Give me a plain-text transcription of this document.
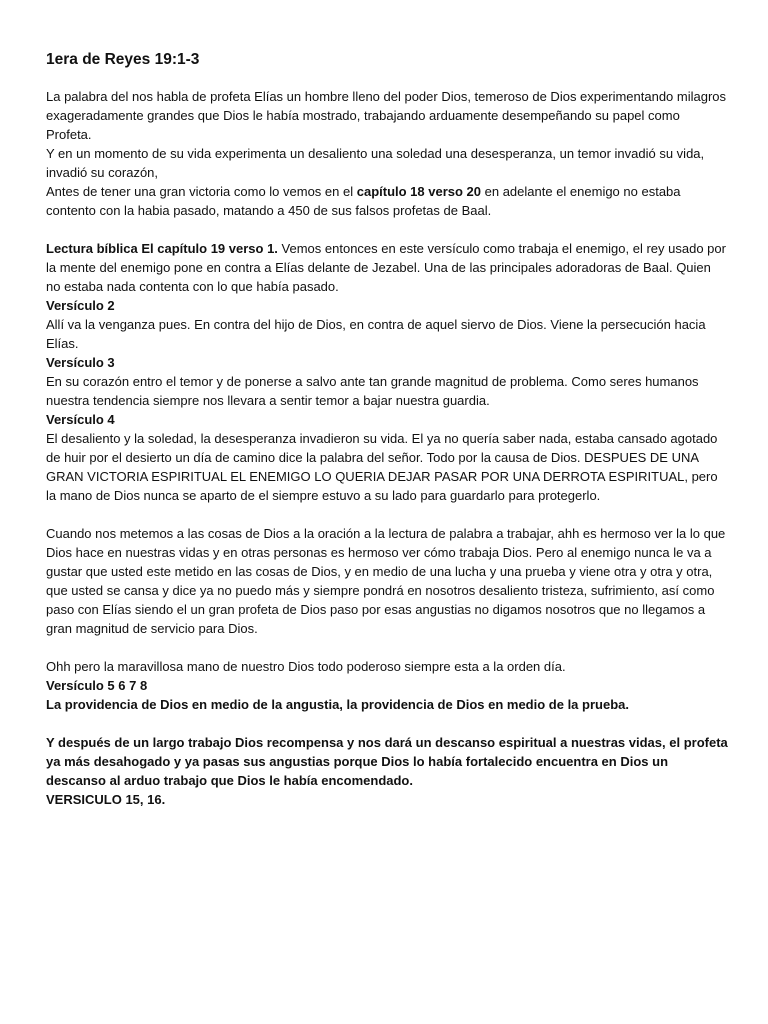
1era de Reyes 19:1-3

La palabra del nos habla de profeta Elías un hombre lleno del poder Dios, temeroso de Dios experimentando milagros exageradamente grandes que Dios le había mostrado, trabajando arduamente desempeñando su papel como Profeta.

Y en un momento de su vida experimenta un desaliento una soledad una desesperanza, un temor invadió su vida, invadió su corazón,

Antes de tener una gran victoria como lo vemos en el capítulo 18 verso 20 en adelante el enemigo no estaba contento con la habia pasado, matando a 450 de sus falsos profetas de Baal.

Lectura bíblica El capítulo 19 verso 1. Vemos entonces en este versículo como trabaja el enemigo, el rey usado por la mente del enemigo pone en contra a Elías delante de Jezabel. Una de las principales adoradoras de Baal. Quien no estaba nada contenta con lo que había pasado.

Versículo 2

Allí va la venganza pues. En contra del hijo de Dios, en contra de aquel siervo de Dios. Viene la persecución hacia Elías.

Versículo 3

En su corazón entro el temor y de ponerse a salvo ante tan grande magnitud de problema. Como seres humanos nuestra tendencia siempre nos llevara a sentir temor a bajar nuestra guardia.

Versículo 4

El desaliento y la soledad, la desesperanza invadieron su vida. El ya no quería saber nada, estaba cansado agotado de huir por el desierto un día de camino dice la palabra del señor. Todo por la causa de Dios. DESPUES DE UNA GRAN VICTORIA ESPIRITUAL EL ENEMIGO LO QUERIA DEJAR PASAR POR UNA DERROTA ESPIRITUAL, pero la mano de Dios nunca se aparto de el siempre estuvo a su lado para guardarlo para protegerlo.

Cuando nos metemos a las cosas de Dios a la oración a la lectura de palabra a trabajar, ahh es hermoso ver la lo que Dios hace en nuestras vidas y en otras personas es hermoso ver cómo trabaja Dios. Pero al enemigo nunca le va a gustar que usted este metido en las cosas de Dios, y en medio de una lucha y una prueba y viene otra y otra y otra, que usted se cansa y dice ya no puedo más y siempre pondrá en nosotros desaliento tristeza, sufrimiento, así como paso con Elías siendo el un gran profeta de Dios paso por esas angustias no digamos nosotros que no llegamos a gran magnitud de servicio para Dios.

Ohh pero la maravillosa mano de nuestro Dios todo poderoso siempre esta a la orden día.

Versículo 5 6 7 8

La providencia de Dios en medio de la angustia, la providencia de Dios en medio de la prueba.

Y después de un largo trabajo Dios recompensa y nos dará un descanso espiritual a nuestras vidas, el profeta ya más desahogado y ya pasas sus angustias porque Dios lo había fortalecido encuentra en Dios un descanso al arduo trabajo que Dios le había encomendado.

VERSICULO 15, 16.
